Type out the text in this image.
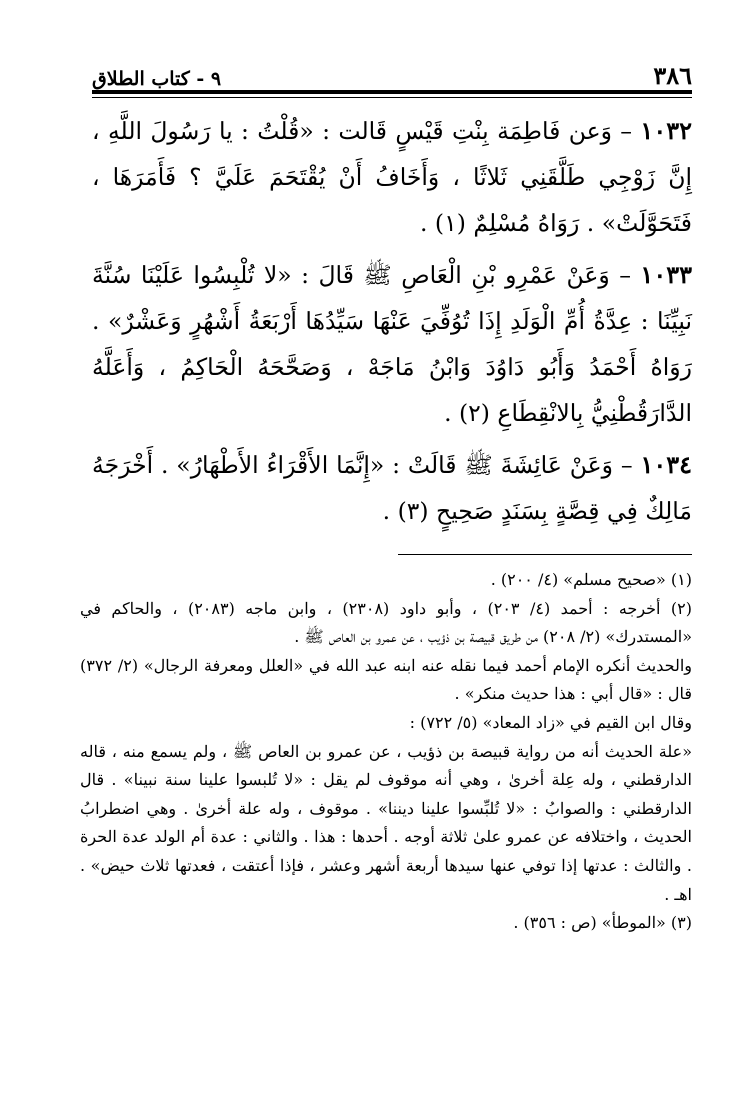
٣٨٦
٩ - كتاب الطلاق

١٠٣٢ – وَعن فَاطِمَة بِنْتِ قَيْسٍ قَالت : «قُلْتُ : يا رَسُولَ اللَّهِ ، إِنَّ زَوْجِي طَلَّقَنِي ثَلاثًا ، وَأَخَافُ أَنْ يُقْتَحَمَ عَلَيَّ ؟ فَأَمَرَهَا ، فَتَحَوَّلَتْ» . رَوَاهُ مُسْلِمٌ (١) .

١٠٣٣ – وَعَنْ عَمْرِو بْنِ الْعَاصِ ﷺ قَالَ : «لا تُلْبِسُوا عَلَيْنَا سُنَّةَ نَبِيِّنَا : عِدَّةُ أُمِّ الْوَلَدِ إِذَا تُوُفِّيَ عَنْهَا سَيِّدُهَا أَرْبَعَةُ أَشْهُرٍ وَعَشْرٌ» . رَوَاهُ أَحْمَدُ وَأَبُو دَاوُدَ وَابْنُ مَاجَهْ ، وَصَحَّحَهُ الْحَاكِمُ ، وَأَعَلَّهُ الدَّارَقُطْنِيُّ بِالانْقِطَاعِ (٢) .

١٠٣٤ – وَعَنْ عَائِشَةَ ﷺ قَالَتْ : «إِنَّمَا الأَقْرَاءُ الأَطْهَارُ» . أَخْرَجَهُ مَالِكٌ فِي قِصَّةٍ بِسَنَدٍ صَحِيحٍ (٣) .

(١) «صحيح مسلم» (٤/ ٢٠٠) .

(٢) أخرجه : أحمد (٤/ ٢٠٣) ، وأبو داود (٢٣٠٨) ، وابن ماجه (٢٠٨٣) ، والحاكم في «المستدرك» (٢/ ٢٠٨) من طريق قبيصة بن ذؤيب ، عن عمرو بن العاص ﷺ .

والحديث أنكره الإمام أحمد فيما نقله عنه ابنه عبد الله في «العلل ومعرفة الرجال» (٢/ ٣٧٢) قال : «قال أبي : هذا حديث منكر» .

وقال ابن القيم في «زاد المعاد» (٥/ ٧٢٢) :

«علة الحديث أنه من رواية قبيصة بن ذؤيب ، عن عمرو بن العاص ﷺ ، ولم يسمع منه ، قاله الدارقطني ، وله عِلة أخرىٰ ، وهي أنه موقوف لم يقل : «لا تُلبسوا علينا سنة نبينا» . قال الدارقطني : والصوابُ : «لا تُلبِّسوا علينا ديننا» . موقوف ، وله علة أخرىٰ . وهي اضطرابُ الحديث ، واختلافه عن عمرو علىٰ ثلاثة أوجه . أحدها : هذا . والثاني : عدة أم الولد عدة الحرة . والثالث : عدتها إذا توفي عنها سيدها أربعة أشهر وعشر ، فإذا أعتقت ، فعدتها ثلاث حيض» . اهـ .

(٣) «الموطأ» (ص : ٣٥٦) .
